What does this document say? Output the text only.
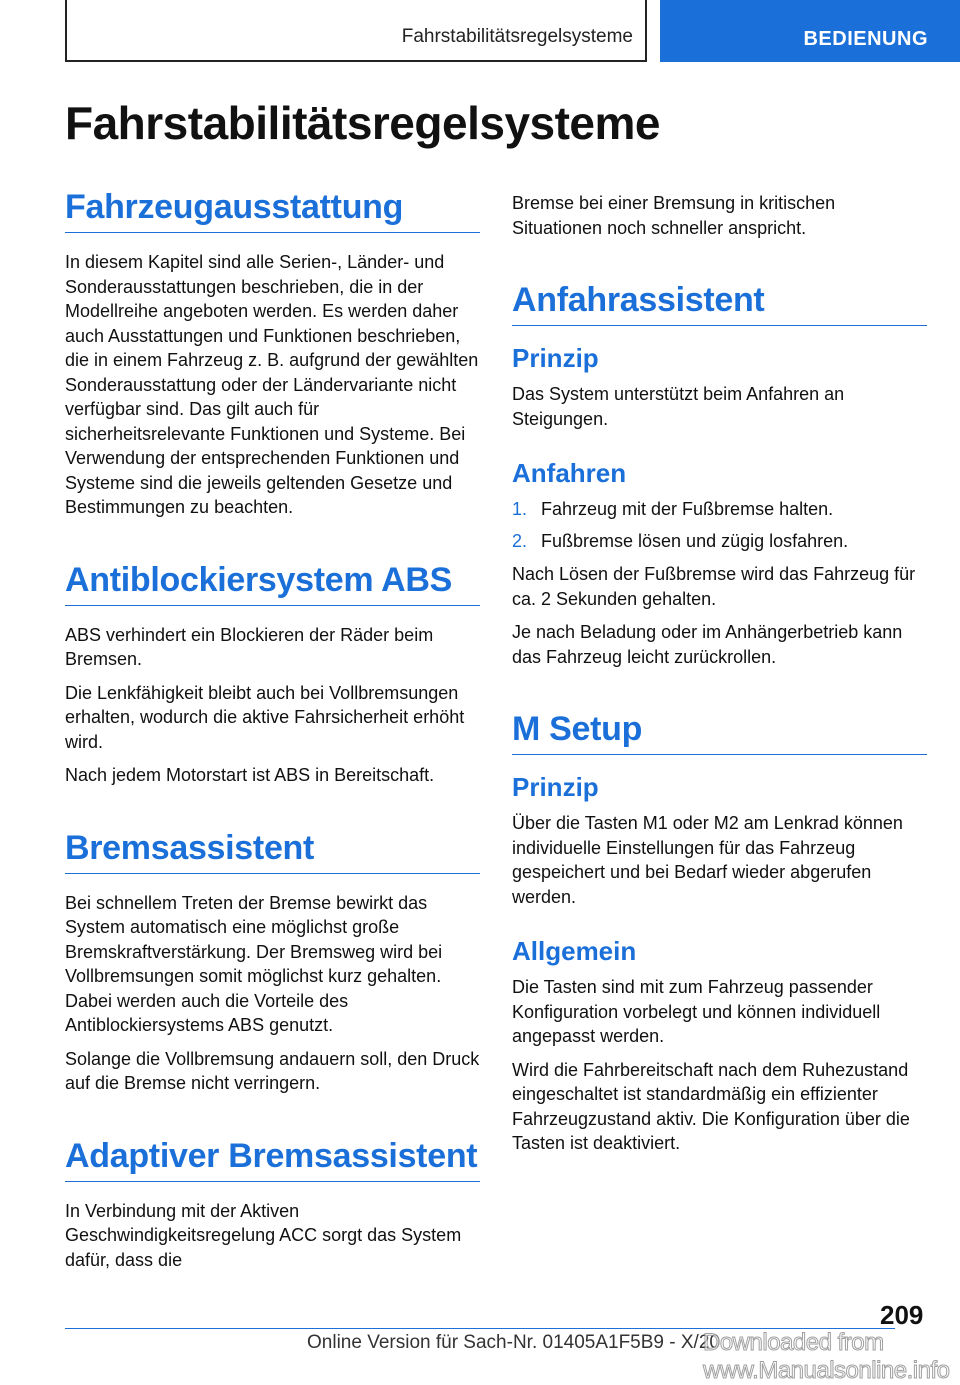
Fahrstabilitätsregelsysteme	BEDIENUNG
Fahrstabilitätsregelsysteme
Fahrzeugausstattung

In diesem Kapitel sind alle Serien-, Länder- und Sonderausstattungen beschrieben, die in der Modellreihe angeboten werden. Es werden daher auch Ausstattungen und Funktionen beschrieben, die in einem Fahrzeug z. B. aufgrund der gewählten Sonderausstattung oder der Ländervariante nicht verfügbar sind. Das gilt auch für sicherheitsrelevante Funktionen und Systeme. Bei Verwendung der entsprechenden Funktionen und Systeme sind die jeweils geltenden Gesetze und Bestimmungen zu beachten.

Antiblockiersystem ABS

ABS verhindert ein Blockieren der Räder beim Bremsen.

Die Lenkfähigkeit bleibt auch bei Vollbremsungen erhalten, wodurch die aktive Fahrsicherheit erhöht wird.

Nach jedem Motorstart ist ABS in Bereitschaft.

Bremsassistent

Bei schnellem Treten der Bremse bewirkt das System automatisch eine möglichst große Bremskraftverstärkung. Der Bremsweg wird bei Vollbremsungen somit möglichst kurz gehalten. Dabei werden auch die Vorteile des Antiblockiersystems ABS genutzt.

Solange die Vollbremsung andauern soll, den Druck auf die Bremse nicht verringern.

Adaptiver Bremsassistent

In Verbindung mit der Aktiven Geschwindigkeitsregelung ACC sorgt das System dafür, dass die

Bremse bei einer Bremsung in kritischen Situationen noch schneller anspricht.

Anfahrassistent
Prinzip

Das System unterstützt beim Anfahren an Steigungen.

Anfahren
1. Fahrzeug mit der Fußbremse halten.
2. Fußbremse lösen und zügig losfahren.

Nach Lösen der Fußbremse wird das Fahrzeug für ca. 2 Sekunden gehalten.

Je nach Beladung oder im Anhängerbetrieb kann das Fahrzeug leicht zurückrollen.

M Setup
Prinzip

Über die Tasten M1 oder M2 am Lenkrad können individuelle Einstellungen für das Fahrzeug gespeichert und bei Bedarf wieder abgerufen werden.

Allgemein

Die Tasten sind mit zum Fahrzeug passender Konfiguration vorbelegt und können individuell angepasst werden.

Wird die Fahrbereitschaft nach dem Ruhezustand eingeschaltet ist standardmäßig ein effizienter Fahrzeugzustand aktiv. Die Konfiguration über die Tasten ist deaktiviert.

209
Online Version für Sach-Nr. 01405A1F5B9 - X/20
Downloaded from www.Manualsonline.info
